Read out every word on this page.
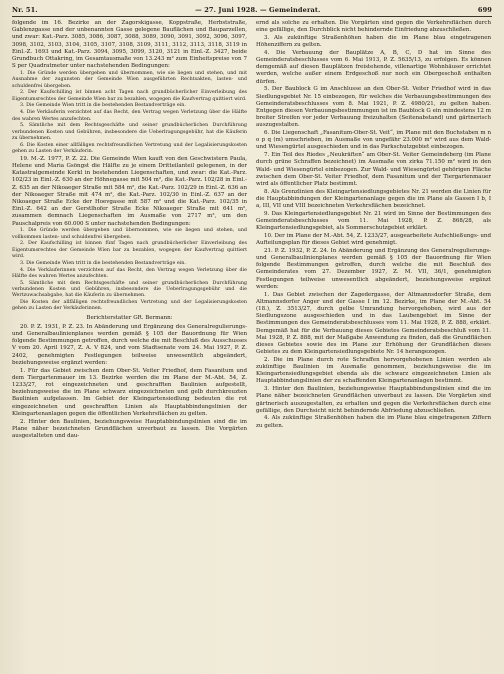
Nr. 51.	— 27. Juni 1928. — Gemeinderat.	699

folgende im 16. Bezirke an der Zagorskigasse, Koppstraße, Herbststraße, Gablenzgasse und der unbenannten Gasse gelegene Bauflächen und Bauparzellen, und zwar: Kat.-Parz. 3085, 3086, 3087, 3088, 3089, 3090, 3091, 3092, 3096, 3097, 3098, 3102, 3103, 3104, 3105, 3107, 3108, 3109, 3111, 3112, 3113, 3118, 3119 in Einl.-Z. 1693 und Kat.-Parz. 3094, 3095, 3099, 3120, 3121 in Einl.-Z. 3427, beide Grundbuch Ottakring, im Gesamtausmaße von 13.243 m² zum Einheitspreise von 7 S per Quadratmeter unter nachstehenden Bedingungen:

1. Die Gründe werden übergeben und übernommen, wie sie liegen und stehen, und mit Ausnahme der zugunsten der Gemeinde Wien ausgeführten Rechtsakten, lasten- und schuldenfrei übergeben.

2. Der Kaufschilling ist binnen acht Tagen nach grundbücherlicher Einverleibung des Eigentumsrechtes der Gemeinde Wien bar zu bezahlen, wogegen die Kaufvertrag quittiert wird.

3. Die Gemeinde Wien tritt in die bestehenden Bestandverträge ein.

4. Die Verkäuferin verzichtet auf das Recht, den Vertrag wegen Verletzung über die Hälfte des wahren Wertes anzufechten.

5. Sämtliche mit dem Rechtsgeschäfte und seiner grundbücherlichen Durchführung verbundenen Kosten und Gebühren, insbesondere die Ueberlragungsgebühr, hat die Käuferin zu übernehmen.

6. Die Kosten einer allfälligen rechtsfreundlichen Vertretung und der Legalisierungskosten gehen zu Lasten der Verkäuferin.

19. M.-Z. 1977, P. Z. 22. Die Gemeinde Wien kauft von den Geschwistern Paula, Helene und Maria Gsöngst die Hälfte zu je einem Dritteilanteil gelegenen, in der Katastralgemeinde Kerkl in bestehenden Liegenschaften, und zwar: die Kat.-Parz. 102/23 in Einl.-Z. 630 an der Höhnegasse mit 504 m², die Kat.-Parz. 102/28 in Einl.-Z. 635 an der Nikoaeger Straße mit 584 m², die Kat.-Parz. 102/29 in Einl.-Z. 636 an der Nikoaeger Straße mit 474 m², die Kat.-Parz. 102/30 in Einl.-Z. 637 an der Nikoaeger Straße Ecke der Hoevgasse mit 587 m² und die Kat.-Parz. 102/35 in Einl.-Z. 642 an der Gerstlhofer Straße Ecke Nikoaeger Straße mit 641 m², zusammen demnach Liegenschaften im Ausmaße von 2717 m², um den Pauschalpreis von 60.000 S unter nachstehenden Bedingungen:

1. Die Gründe werden übergeben und übernommen, wie sie liegen und stehen, und vollkommen lasten- und schuldenfrei übergeben.

2. Der Kaufschilling ist binnen fünf Tagen nach grundbücherlicher Einverleibung des Eigentumsrechtes der Gemeinde Wien bar zu bezahlen, wogegen der Kaufvertrag quittiert wird.

3. Die Gemeinde Wien tritt in die bestehenden Bestandverträge ein.

4. Die Verkäuferinnen verzichten auf das Recht, den Vertrag wegen Verletzung über die Hälfte des wahren Wertes anzufechten.

5. Sämtliche mit dem Rechtsgeschäfte und seiner grundbücherlichen Durchführung verbundenen Kosten und Gebühren, insbesondere die Ueberlragungsgebühr und die Wertzuwachsabgabe, hat die Käuferin zu übernehmen.

Die Kosten der allfälligen rechtsfreundlichen Vertretung und der Legalisierungskosten gehen zu Lasten der Verkäuferinnen.

Berichterstatter GR. Bermann:

20. P. Z. 1931, P. Z. 23. In Abänderung und Ergänzung des Generalregulierungs- und Generalbaulinienplanes werden gemäß § 105 der Bauordnung für Wien folgende Bestimmungen getroffen, durch welche die mit Beschluß des Ausschusses V vom 20. April 1927, Z. A. V 824, und vom Stadtsenate vom 24. Mai 1927, P. Z. 2402, genehmigten Festlegungen teilweise unwesentlich abgeändert, beziehungsweise ergänzt werden:

1. Für das Gebiet zwischen dem Ober-St. Veiter Friedhof, dem Fasanitum und dem Tiergartenmauer im 13. Bezirke werden die im Plane der M.-Abt. 54, Z. 1233/27, rot eingezeichneten und geschrafften Baulinien aufgestellt, beziehungsweise die im Plane schwarz eingezeichneten und gelb durchkreuzten Baulinien aufgelassen. Im Gebiet der Kleingartensiedlung bedeuten die rot eingezeichneten und geschrafften Linien als Hauptabbindungslinien der Kleingartenanlagen gegen die öffentlichen Verkehrsflächen zu gelten.

2. Hinter den Baulinien, beziehungsweise Hauptabbindungslinien sind die im Plane näher bezeichneten Grundflächen unverbaut zu lassen. Die Vorgärten ausgestalteten und dau-

ernd als solche zu erhalten. Die Vorgärten sind gegen die Verkehrsflächen durch eine gefällige, den Durchblick nicht behindernde Einfriedung abzuschließen.

3. Als zukünftige Straßenhöhen haben die im Plane blau eingetragenen Höhenziffern zu gelten.

4. Die Verbauung der Bauplätze A, B, C, D hat im Sinne des Gemeinderatsbeschlusses vom 6. Mai 1913, P. Z. 5635/13, zu erfolgen. Es können demgemäß auf diesen Bauplätzen freistehende, villenartige Wohnhäuser errichtet werden, welche außer einem Erdgeschoß nur noch ein Obergeschoß enthalten dürfen.

5. Der Baublock G im Anschlusse an den Ober-St. Veiter Friedhof wird in das Siedlungsgebiet Nr. 15 einbezogen, für welches die Verbauungsbestimmungen des Gemeinderatsbeschlusses vom 8. Mai 1921, P. Z. 4980/21, zu gelten haben. Entgegen diesen Verbauungsbestimmungen ist im Baublock G ein mindestens 12 m breiter Streifen vor jeder Verbauung freizuhalten (Seitenabstand) und gärtnerisch auszugestalten.

6. Die Liegenschaft „Fasanitum-Ober-St. Veit“, im Plane mit den Buchstaben m n o p q (m) umschrieben, im Ausmaße von ungefähr 23.000 m² wird aus dem Wald- und Wiesengürtel ausgeschieden und in das Parkschutzgebiet einbezogen.

7. Ein Teil des Riedes „Neukräften“ am Ober-St. Veiter Gemeindeberg (im Plane durch grüne Schraffen bezeichnet) im Ausmaße von zirka 71.150 m² wird in den Wald- und Wiesengürtel einbezogen. Zur Wald- und Wiesengürtel gehörigen Fläche zwischen dem Ober-St. Veiter Friedhof, dem Fasanitum und der Tiergartenmauer wird als öffentlicher Platz bestimmt.

8. Als Grenzlinien des Kleingartensiedlungsgebietes Nr. 21 werden die Linien für die Hauptabbindungen der Kleingartenanlage gegen die im Plane als Gassen I b, I a, III, VII und VIII bezeichneten Verkehrsflächen bezeichnet.

9. Das Kleingartensiedlungsgebiet Nr. 21 wird im Sinne der Bestimmungen des Gemeinderatsbeschlusses vom 11. Mai 1928, P. Z. 868/28, als Kleingartensiedlungsgebiet, als Sommerschutzgebiet erklärt.

10. Der im Plane der M.-Abt. 54, Z. 1233/27, ausgearbeitete Aufschließungs- und Aufteilungsplan für dieses Gebiet wird genehmigt.

21. P. Z. 1932, P. Z. 24. In Abänderung und Ergänzung des Generalregulierungs- und Generalbaulinienplanes werden gemäß § 105 der Bauordnung für Wien folgende Bestimmungen getroffen, durch welche die mit Beschluß des Gemeinderates vom 27. Dezember 1927, Z. M. VII, 36/1, genehmigten Festlegungen teilweise unwesentlich abgeändert, beziehungsweise ergänzt werden:

1. Das Gebiet zwischen der Zagedergasse, der Altmannsdorfer Straße, dem Altmannsdorfer Anger und der Gasse I im 12. Bezirke, im Plane der M.-Abt. 54 (18.), Z. 3513/27, durch gelbe Umrandung hervorgehoben, wird aus der Siedlungszone ausgeschieden und in das Laubengebiet im Sinne der Bestimmungen des Gemeinderatsbeschlusses vom 11. Mai 1928, P. Z. 888, erklärt. Demgemäß hat für die Verbauung dieses Gebietes Gemeinderatsbeschluß vom 11. Mai 1928, P. Z. 888, mit der Maßgabe Anwendung zu finden, daß die Grundflächen dieses Gebietes sowie des im Plane zur Erhöhung der Grundflächen dieses Gebietes zu dem Kleingartensiedlungsgebiete Nr. 14 herangezogen.

2. Die im Plane durch rote Schraffen hervorgehobenen Linien werden als zukünftige Baulinien im Ausmaße genommen, beziehungsweise die im Kleingartensiedlungsgebiet ebenda als die schwarz eingezeichneten Linien als Hauptabbindungslinien der zu schaffenden Kleingartenanlagen bestimmt.

3. Hinter den Baulinien, beziehungsweise Hauptabbindungslinien sind die im Plane näher bezeichneten Grundflächen unverbaut zu lassen. Die Vorgärten sind gärtnerisch auszugestalten, zu erhalten und gegen die Verkehrsflächen durch eine gefällige, den Durchsicht nicht behindernde Abfriedung abzuschließen.

4. Als zukünftige Straßenhöhen haben die im Plane blau eingetragenen Ziffern zu gelten.
